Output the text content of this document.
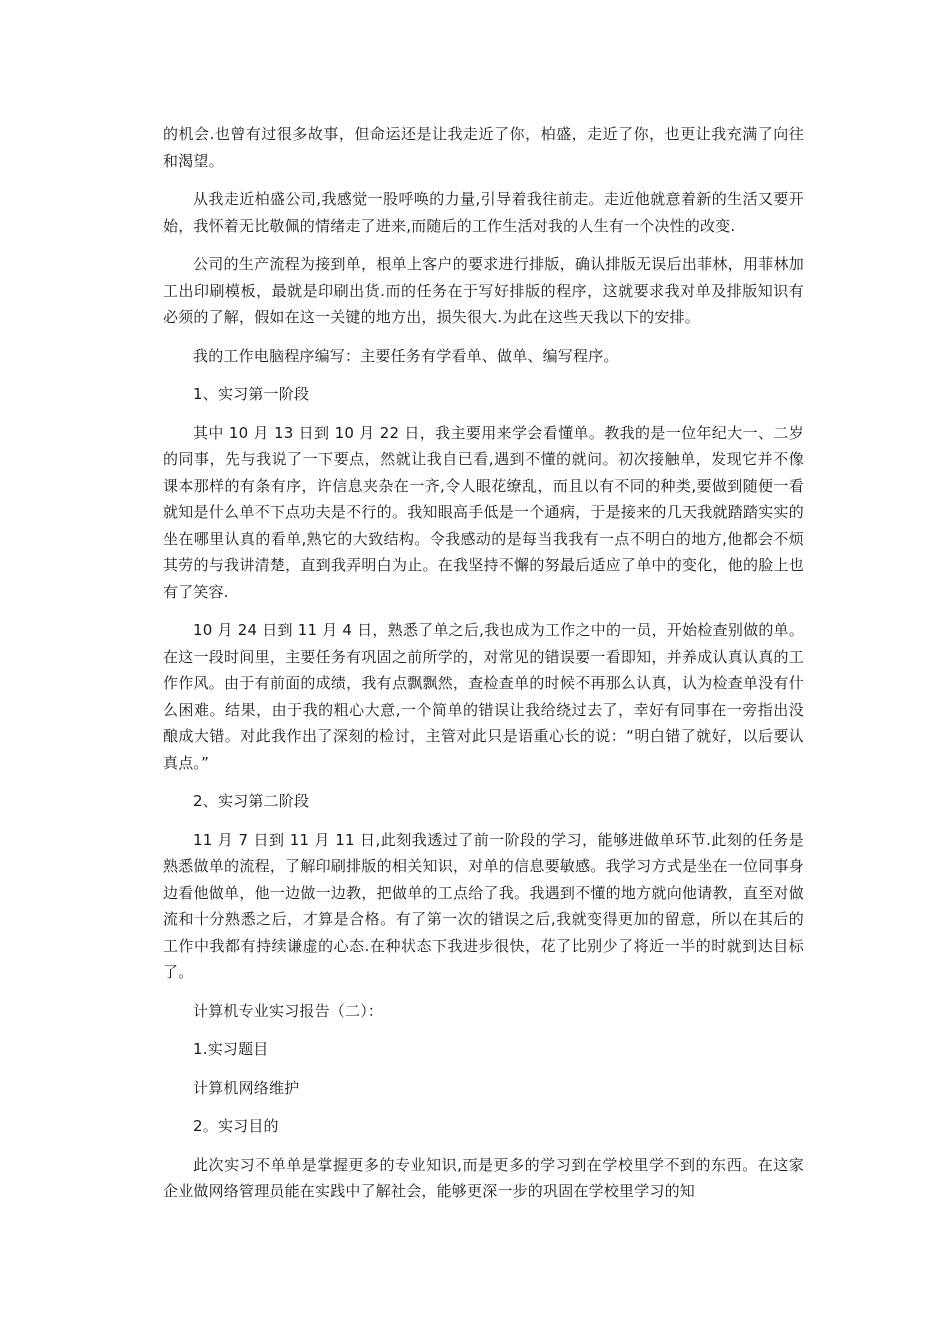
的机会.也曾有过很多故事，但命运还是让我走近了你，柏盛，走近了你，也更让我充满了向往和渴望。

从我走近柏盛公司,我感觉一股呼唤的力量,引导着我往前走。走近他就意着新的生活又要开始，我怀着无比敬佩的情绪走了进来,而随后的工作生活对我的人生有一个决性的改变.

公司的生产流程为接到单，根单上客户的要求进行排版，确认排版无误后出菲林，用菲林加工出印刷模板，最就是印刷出货.而的任务在于写好排版的程序，这就要求我对单及排版知识有必须的了解，假如在这一关键的地方出，损失很大.为此在这些天我以下的安排。

我的工作电脑程序编写：主要任务有学看单、做单、编写程序。

1、实习第一阶段

其中 10 月 13 日到 10 月 22 日，我主要用来学会看懂单。教我的是一位年纪大一、二岁的同事，先与我说了一下要点，然就让我自已看,遇到不懂的就问。初次接触单，发现它并不像课本那样的有条有序，许信息夹杂在一齐,令人眼花缭乱，而且以有不同的种类,要做到随便一看就知是什么单不下点功夫是不行的。我知眼高手低是一个通病，于是接来的几天我就踏踏实实的坐在哪里认真的看单,熟它的大致结构。令我感动的是每当我我有一点不明白的地方,他都会不烦其劳的与我讲清楚，直到我弄明白为止。在我坚持不懈的努最后适应了单中的变化，他的脸上也有了笑容.

10 月 24 日到 11 月 4 日，熟悉了单之后,我也成为工作之中的一员，开始检查别做的单。在这一段时间里，主要任务有巩固之前所学的，对常见的错误要一看即知，并养成认真认真的工作作风。由于有前面的成绩，我有点飘飘然，查检查单的时候不再那么认真，认为检查单没有什么困难。结果，由于我的粗心大意,一个简单的错误让我给绕过去了，幸好有同事在一旁指出没酿成大错。对此我作出了深刻的检讨，主管对此只是语重心长的说：“明白错了就好，以后要认真点。”

2、实习第二阶段

11 月 7 日到 11 月 11 日,此刻我透过了前一阶段的学习，能够进做单环节.此刻的任务是熟悉做单的流程，了解印刷排版的相关知识，对单的信息要敏感。我学习方式是坐在一位同事身边看他做单，他一边做一边教，把做单的工点给了我。我遇到不懂的地方就向他请教，直至对做流和十分熟悉之后，才算是合格。有了第一次的错误之后,我就变得更加的留意，所以在其后的工作中我都有持续谦虚的心态.在种状态下我进步很快，花了比别少了将近一半的时就到达目标了。

计算机专业实习报告（二）：

1.实习题目

计算机网络维护

2。实习目的

此次实习不单单是掌握更多的专业知识,而是更多的学习到在学校里学不到的东西。在这家企业做网络管理员能在实践中了解社会，能够更深一步的巩固在学校里学习的知
